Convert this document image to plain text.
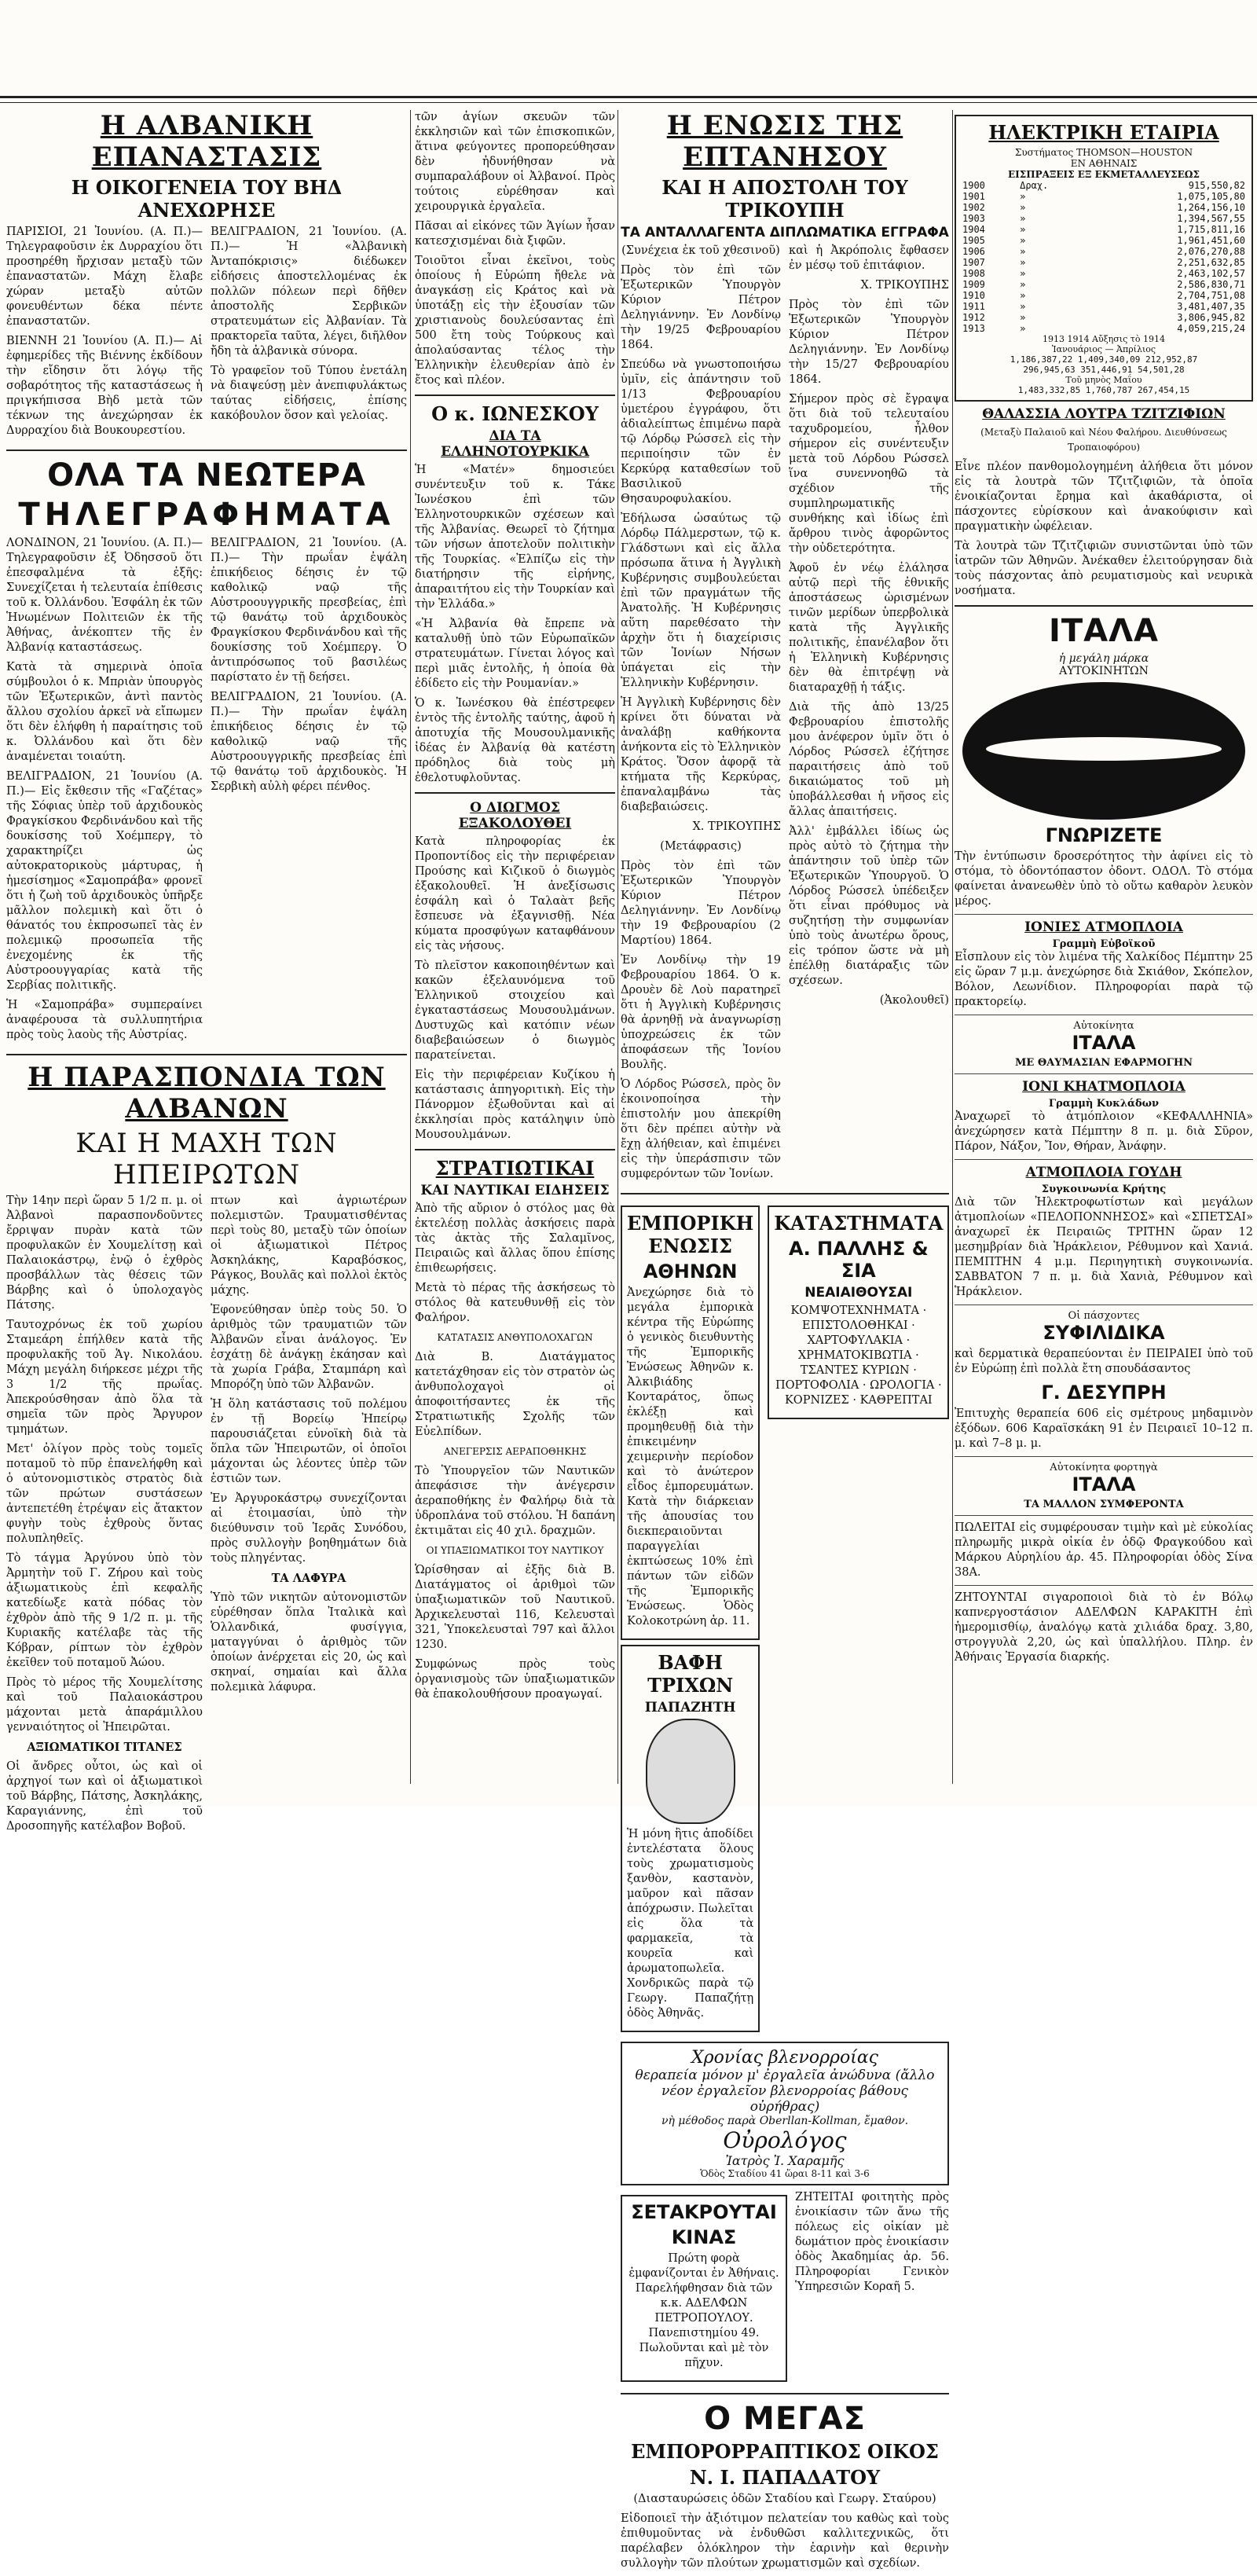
Η ΑΛΒΑΝΙΚΗ ΕΠΑΝΑΣΤΑΣΙΣ
Η ΟΙΚΟΓΕΝΕΙΑ ΤΟΥ ΒΗΔ ΑΝΕΧΩΡΗΣΕ

ΠΑΡΙΣΙΟΙ, 21 Ἰουνίου. (Α. Π.)— Τηλεγραφοῦσιν ἐκ Δυρραχίου ὅτι προσηρέθη ἤρχισαν μεταξὺ τῶν ἐπαναστατῶν. Μάχη ἔλαβε χώραν μεταξὺ αὐτῶν φονευθέντων δέκα πέντε ἐπαναστατῶν.

ΒΙΕΝΝΗ 21 Ἰουνίου (Α. Π.)— Αἱ ἐφημερίδες τῆς Βιέννης ἐκδίδουν τὴν εἴδησιν ὅτι λόγῳ τῆς σοβαρότητος τῆς καταστάσεως ἡ πριγκήπισσα Βὴδ μετὰ τῶν τέκνων της ἀνεχώρησαν ἐκ Δυρραχίου διὰ Βουκουρεστίου.

ΒΕΛΙΓΡΑΔΙΟΝ, 21 Ἰουνίου. (Α. Π.)— Ἡ «Ἀλβανικὴ Ἀνταπόκρισις» διέδωκεν εἰδήσεις ἀποστελλομένας ἐκ πολλῶν πόλεων περὶ δῆθεν ἀποστολῆς Σερβικῶν στρατευμάτων εἰς Ἀλβανίαν. Τὰ πρακτορεῖα ταῦτα, λέγει, διῆλθον ἤδη τὰ ἀλβανικὰ σύνορα.

Τὸ γραφεῖον τοῦ Τύπου ἐνετάλη νὰ διαψεύσῃ μὲν ἀνεπιφυλάκτως ταύτας εἰδήσεις, ἐπίσης κακόβουλον ὅσον καὶ γελοίας.

ΟΛΑ ΤΑ ΝΕΩΤΕΡΑ
ΤΗΛΕΓΡΑΦΗΜΑΤΑ

ΛΟΝΔΙΝΟΝ, 21 Ἰουνίου. (Α. Π.)— Τηλεγραφοῦσιν ἐξ Ὀδησσοῦ ὅτι ἐπεσφαλμένα τὰ ἐξῆς: Συνεχίζεται ἡ τελευταία ἐπίθεσις τοῦ κ. Ὀλλάνδου. Ἐσφάλη ἐκ τῶν Ἡνωμένων Πολιτειῶν ἐκ τῆς Ἀθήνας, ἀνέκοπτεν τῆς ἐν Ἀλβανίᾳ καταστάσεως.

Κατὰ τὰ σημερινὰ ὁποῖα σύμβουλοι ὁ κ. Μπριὰν ὑπουργὸς τῶν Ἐξωτερικῶν, ἀντὶ παντὸς ἄλλου σχολίου ἀρκεῖ νὰ εἴπωμεν ὅτι δὲν ἐλήφθη ἡ παραίτησις τοῦ κ. Ὀλλάνδου καὶ ὅτι δὲν ἀναμένεται τοιαύτη.

ΒΕΛΙΓΡΑΔΙΟΝ, 21 Ἰουνίου (Α. Π.)— Εἰς ἔκθεσιν τῆς «Γαζέτας» τῆς Σόφιας ὑπὲρ τοῦ ἀρχιδουκὸς Φραγκίσκου Φερδινάνδου καὶ τῆς δουκίσσης τοῦ Χοέμπεργ, τὸ χαρακτηρίζει ὡς αὐτοκρατορικοὺς μάρτυρας, ἡ ἡμεσίσημος «Σαμοπράβα» φρονεῖ ὅτι ἡ ζωὴ τοῦ ἀρχιδουκὸς ὑπῆρξε μᾶλλον πολεμικὴ καὶ ὅτι ὁ θάνατός του ἐκπροσωπεῖ τὰς ἐν πολεμικῷ προσωπεῖα τῆς ἐνεχομένης ἐκ τῆς Αὐστροουγγαρίας κατὰ τῆς Σερβίας πολιτικῆς.

Ἡ «Σαμοπράβα» συμπεραίνει ἀναφέρουσα τὰ συλλυπητήρια πρὸς τοὺς λαοὺς τῆς Αὐστρίας.

ΒΕΛΙΓΡΑΔΙΟΝ, 21 Ἰουνίου. (Α. Π.)— Τὴν πρωΐαν ἐψάλη ἐπικήδειος δέησις ἐν τῷ καθολικῷ ναῷ τῆς Αὐστροουγγρικῆς πρεσβείας, ἐπὶ τῷ θανάτῳ τοῦ ἀρχιδουκὸς Φραγκίσκου Φερδινάνδου καὶ τῆς δουκίσσης τοῦ Χοέμπεργ. Ὁ ἀντιπρόσωπος τοῦ βασιλέως παρίστατο ἐν τῇ δεήσει.

ΒΕΛΙΓΡΑΔΙΟΝ, 21 Ἰουνίου. (Α. Π.)— Τὴν πρωΐαν ἐψάλη ἐπικήδειος δέησις ἐν τῷ καθολικῷ ναῷ τῆς Αὐστροουγγρικῆς πρεσβείας ἐπὶ τῷ θανάτῳ τοῦ ἀρχιδουκὸς. Ἡ Σερβικὴ αὐλὴ φέρει πένθος.

Η ΠΑΡΑΣΠΟΝΔΙΑ ΤΩΝ ΑΛΒΑΝΩΝ
ΚΑΙ Η ΜΑΧΗ ΤΩΝ ΗΠΕΙΡΩΤΩΝ

Τὴν 14ην περὶ ὥραν 5 1/2 π. μ. οἱ Ἀλβανοὶ παρασπονδοῦντες ἔρριψαν πυρὰν κατὰ τῶν προφυλακῶν ἐν Χουμελίτσῃ καὶ Παλαιοκάστρῳ, ἐνῷ ὁ ἐχθρὸς προσβάλλων τὰς θέσεις τῶν Βάρβης καὶ ὁ ὑπολοχαγὸς Πάτσης.

Ταυτοχρόνως ἐκ τοῦ χωρίου Σταμεάρη ἐπήλθεν κατὰ τῆς προφυλακῆς τοῦ Ἁγ. Νικολάου. Μάχη μεγάλη διήρκεσε μέχρι τῆς 3 1/2 τῆς πρωΐας. Ἀπεκρούσθησαν ἀπὸ ὅλα τὰ σημεῖα τῶν πρὸς Ἄργυρον τμημάτων.

Μετ' ὀλίγον πρὸς τοὺς τομεῖς ποταμοῦ τὸ πῦρ ἐπανελήφθη καὶ ὁ αὐτονομιστικὸς στρατὸς διὰ τῶν πρώτων συστάσεων ἀντεπετέθη ἐτρέψαν εἰς ἄτακτον φυγὴν τοὺς ἐχθροὺς ὅντας πολυπληθεῖς.

Τὸ τάγμα Ἀργύνου ὑπὸ τὸν Ἀρμητὴν τοῦ Γ. Ζήρου καὶ τοὺς ἀξιωματικοὺς ἐπὶ κεφαλῆς κατεδίωξε κατὰ πόδας τὸν ἐχθρὸν ἀπὸ τῆς 9 1/2 π. μ. τῆς Κυριακῆς κατέλαβε τὰς τῆς Κόβραν, ρίπτων τὸν ἐχθρὸν ἐκεῖθεν τοῦ ποταμοῦ Ἀώου.

Πρὸς τὸ μέρος τῆς Χουμελίτσης καὶ τοῦ Παλαιοκάστρου μάχονται μετὰ ἀπαράμιλλου γενναιότητος οἱ Ἠπειρῶται.

ΑΞΙΩΜΑΤΙΚΟΙ ΤΙΤΑΝΕΣ

Οἱ ἄνδρες οὗτοι, ὡς καὶ οἱ ἀρχηγοί των καὶ οἱ ἀξιωματικοὶ τοῦ Βάρβης, Πάτσης, Ἀσκηλάκης, Καραγιάννης, ἐπὶ τοῦ Δροσοπηγῆς κατέλαβον Βοβοῦ.

πτων καὶ ἀγριωτέρων πολεμιστῶν. Τραυματισθέντας περὶ τοὺς 80, μεταξὺ τῶν ὁποίων οἱ ἀξιωματικοὶ Πέτρος Ἀσκηλάκης, Καραβόσκος, Ράγκος, Βουλᾶς καὶ πολλοὶ ἐκτὸς μάχης.

Ἐφονεύθησαν ὑπὲρ τοὺς 50. Ὁ ἀριθμὸς τῶν τραυματιῶν τῶν Ἀλβανῶν εἶναι ἀνάλογος. Ἐν ἐσχάτῃ δὲ ἀνάγκῃ ἐκάησαν καὶ τὰ χωρία Γράβα, Σταμπάρη καὶ Μπορόζη ὑπὸ τῶν Ἀλβανῶν.

Ἡ ὅλη κατάστασις τοῦ πολέμου ἐν τῇ Βορείῳ Ἠπείρῳ παρουσιάζεται εὐνοϊκὴ διὰ τὰ ὅπλα τῶν Ἠπειρωτῶν, οἱ ὁποῖοι μάχονται ὡς λέοντες ὑπὲρ τῶν ἑστιῶν των.

Ἐν Ἀργυροκάστρῳ συνεχίζονται αἱ ἑτοιμασίαι, ὑπὸ τὴν διεύθυνσιν τοῦ Ἱερᾶς Συνόδου, πρὸς συλλογὴν βοηθημάτων διὰ τοὺς πληγέντας.

ΤΑ ΛΑΦΥΡΑ

Ὑπὸ τῶν νικητῶν αὐτονομιστῶν εὑρέθησαν ὅπλα Ἰταλικὰ καὶ Ὁλλανδικά, φυσίγγια, ματαγγύναι ὁ ἀριθμὸς τῶν ὁποίων ἀνέρχεται εἰς 20, ὡς καὶ σκηναί, σημαίαι καὶ ἄλλα πολεμικὰ λάφυρα.

τῶν ἁγίων σκευῶν τῶν ἐκκλησιῶν καὶ τῶν ἐπισκοπικῶν, ἅτινα φεύγοντες προπορεύθησαν δὲν ἠδυνήθησαν νὰ συμπαραλάβουν οἱ Ἀλβανοί. Πρὸς τούτοις εὑρέθησαν καὶ χειρουργικὰ ἐργαλεῖα.

Πᾶσαι αἱ εἰκόνες τῶν Ἁγίων ἦσαν κατεσχισμέναι διὰ ξιφῶν.

Τοιοῦτοι εἶναι ἐκεῖνοι, τοὺς ὁποίους ἡ Εὐρώπη ἤθελε νὰ ἀναγκάσῃ εἰς Κράτος καὶ νὰ ὑποτάξῃ εἰς τὴν ἐξουσίαν τῶν χριστιανοὺς δουλεύσαντας ἐπὶ 500 ἔτη τοὺς Τούρκους καὶ ἀπολαύσαντας τέλος τὴν Ἑλληνικὴν ἐλευθερίαν ἀπὸ ἐν ἔτος καὶ πλέον.

Ο κ. ΙΩΝΕΣΚΟΥ
ΔΙΑ ΤΑ ΕΛΛΗΝΟΤΟΥΡΚΙΚΑ

Ἡ «Ματέν» δημοσιεύει συνέντευξιν τοῦ κ. Τάκε Ἰωνέσκου ἐπὶ τῶν Ἑλληνοτουρκικῶν σχέσεων καὶ τῆς Ἀλβανίας. Θεωρεῖ τὸ ζήτημα τῶν νήσων ἀποτελοῦν πολιτικὴν τῆς Τουρκίας. «Ἐλπίζω εἰς τὴν διατήρησιν τῆς εἰρήνης, ἀπαραιτήτου εἰς τὴν Τουρκίαν καὶ τὴν Ἑλλάδα.»

«Ἡ Ἀλβανία θὰ ἔπρεπε νὰ καταλυθῇ ὑπὸ τῶν Εὐρωπαϊκῶν στρατευμάτων. Γίνεται λόγος καὶ περὶ μιᾶς ἐντολῆς, ἡ ὁποία θὰ ἐδίδετο εἰς τὴν Ρουμανίαν.»

Ὁ κ. Ἰωνέσκου θὰ ἐπέστρεφεν ἐντὸς τῆς ἐντολῆς ταύτης, ἀφοῦ ἡ ἀποτυχία τῆς Μουσουλμανικῆς ἰδέας ἐν Ἀλβανίᾳ θὰ κατέστη πρόδηλος διὰ τοὺς μὴ ἐθελοτυφλοῦντας.

Ο ΔΙΩΓΜΟΣ ΕΞΑΚΟΛΟΥΘΕΙ

Κατὰ πληροφορίας ἐκ Προποντίδος εἰς τὴν περιφέρειαν Προύσης καὶ Κιζικοῦ ὁ διωγμὸς ἐξακολουθεῖ. Ἡ ἀνεξίσωσις ἐσφάλη καὶ ὁ Ταλαὰτ βεῆς ἔσπευσε νὰ ἐξαγνισθῇ. Νέα κύματα προσφύγων καταφθάνουν εἰς τὰς νήσους.

Τὸ πλεῖστον κακοποιηθέντων καὶ κακῶν ἐξελαυνόμενα τοῦ Ἑλληνικοῦ στοιχείου καὶ ἐγκαταστάσεως Μουσουλμάνων. Δυστυχῶς καὶ κατόπιν νέων διαβεβαιώσεων ὁ διωγμὸς παρατείνεται.

Εἰς τὴν περιφέρειαν Κυζίκου ἡ κατάστασις ἀπηγοριτικὴ. Εἰς τὴν Πάνορμον ἐξωθοῦνται καὶ αἱ ἐκκλησίαι πρὸς κατάληψιν ὑπὸ Μουσουλμάνων.

ΣΤΡΑΤΙΩΤΙΚΑΙ
ΚΑΙ ΝΑΥΤΙΚΑΙ ΕΙΔΗΣΕΙΣ

Ἀπὸ τῆς αὔριον ὁ στόλος μας θὰ ἐκτελέσῃ πολλὰς ἀσκήσεις παρὰ τὰς ἀκτὰς τῆς Σαλαμῖνος, Πειραιῶς καὶ ἄλλας ὅπου ἐπίσης ἐπιθεωρήσεις.

Μετὰ τὸ πέρας τῆς ἀσκήσεως τὸ στόλος θὰ κατευθυνθῇ εἰς τὸν Φαλήρον.

ΚΑΤΑΤΑΣΙΣ ΑΝΘΥΠΟΛΟΧΑΓΩΝ

Διὰ Β. Διατάγματος κατετάχθησαν εἰς τὸν στρατὸν ὡς ἀνθυπολοχαγοὶ οἱ ἀποφοιτήσαντες ἐκ τῆς Στρατιωτικῆς Σχολῆς τῶν Εὐελπίδων.

ΑΝΕΓΕΡΣΙΣ ΑΕΡΑΠΟΘΗΚΗΣ

Τὸ Ὑπουργεῖον τῶν Ναυτικῶν ἀπεφάσισε τὴν ἀνέγερσιν ἀεραποθήκης ἐν Φαλήρῳ διὰ τὰ ὑδροπλάνα τοῦ στόλου. Ἡ δαπάνη ἐκτιμᾶται εἰς 40 χιλ. δραχμῶν.

ΟΙ ΥΠΑΞΙΩΜΑΤΙΚΟΙ ΤΟΥ ΝΑΥΤΙΚΟΥ

Ὡρίσθησαν αἱ ἐξῆς διὰ Β. Διατάγματος οἱ ἀριθμοὶ τῶν ὑπαξιωματικῶν τοῦ Ναυτικοῦ. Ἀρχικελευσταὶ 116, Κελευσταὶ 321, Ὑποκελευσταὶ 797 καὶ ἄλλοι 1230.

Συμφώνως πρὸς τοὺς ὀργανισμοὺς τῶν ὑπαξιωματικῶν θὰ ἐπακολουθήσουν προαγωγαί.

Η ΕΝΩΣΙΣ ΤΗΣ ΕΠΤΑΝΗΣΟΥ
ΚΑΙ Η ΑΠΟΣΤΟΛΗ ΤΟΥ ΤΡΙΚΟΥΠΗ
ΤΑ ΑΝΤΑΛΛΑΓΕΝΤΑ ΔΙΠΛΩΜΑΤΙΚΑ ΕΓΓΡΑΦΑ

(Συνέχεια ἐκ τοῦ χθεσινοῦ)

Πρὸς τὸν ἐπὶ τῶν Ἐξωτερικῶν Ὑπουργὸν Κύριον Πέτρον Δεληγιάννην. Ἐν Λονδίνῳ τὴν 19/25 Φεβρουαρίου 1864.

Σπεύδω νὰ γνωστοποιήσω ὑμῖν, εἰς ἀπάντησιν τοῦ 1/13 Φεβρουαρίου ὑμετέρου ἐγγράφου, ὅτι ἀδιαλείπτως ἐπιμένω παρὰ τῷ Λόρδῳ Ρώσσελ εἰς τὴν περιποίησιν τῶν ἐν Κερκύρᾳ καταθεσίων τοῦ Βασιλικοῦ Θησαυροφυλακίου.

Ἐδήλωσα ὡσαύτως τῷ Λόρδῳ Πάλμερστων, τῷ κ. Γλάδστωνι καὶ εἰς ἄλλα πρόσωπα ἅτινα ἡ Ἀγγλικὴ Κυβέρνησις συμβουλεύεται ἐπὶ τῶν πραγμάτων τῆς Ἀνατολῆς. Ἡ Κυβέρνησις αὕτη παρεθέσατο τὴν ἀρχὴν ὅτι ἡ διαχείρισις τῶν Ἰονίων Νήσων ὑπάγεται εἰς τὴν Ἑλληνικὴν Κυβέρνησιν.

Ἡ Ἀγγλικὴ Κυβέρνησις δὲν κρίνει ὅτι δύναται νὰ ἀναλάβῃ καθήκοντα ἀνήκοντα εἰς τὸ Ἑλληνικὸν Κράτος. Ὅσον ἀφορᾷ τὰ κτήματα τῆς Κερκύρας, ἐπαναλαμβάνω τὰς διαβεβαιώσεις.

Χ. ΤΡΙΚΟΥΠΗΣ

(Μετάφρασις)

Πρὸς τὸν ἐπὶ τῶν Ἐξωτερικῶν Ὑπουργὸν Κύριον Πέτρον Δεληγιάννην. Ἐν Λονδίνῳ τὴν 19 Φεβρουαρίου (2 Μαρτίου) 1864.

Ἐν Λονδίνῳ τὴν 19 Φεβρουαρίου 1864. Ὁ κ. Δρουὲν δὲ Λοὺ παρατηρεῖ ὅτι ἡ Ἀγγλικὴ Κυβέρνησις θὰ ἀρνηθῇ νὰ ἀναγνωρίσῃ ὑποχρεώσεις ἐκ τῶν ἀποφάσεων τῆς Ἰονίου Βουλῆς.

Ὁ Λόρδος Ρώσσελ, πρὸς ὃν ἐκοινοποίησα τὴν ἐπιστολήν μου ἀπεκρίθη ὅτι δὲν πρέπει αὐτὴν νὰ ἔχῃ ἀλήθειαν, καὶ ἐπιμένει εἰς τὴν ὑπεράσπισιν τῶν συμφερόντων τῶν Ἰονίων.

καὶ ἡ Ἀκρόπολις ἔφθασεν ἐν μέσῳ τοῦ ἐπιτάφιον.

Χ. ΤΡΙΚΟΥΠΗΣ

Πρὸς τὸν ἐπὶ τῶν Ἐξωτερικῶν Ὑπουργὸν Κύριον Πέτρον Δεληγιάννην. Ἐν Λονδίνῳ τὴν 15/27 Φεβρουαρίου 1864.

Σήμερον πρὸς σὲ ἔγραψα ὅτι διὰ τοῦ τελευταίου ταχυδρομείου, ἦλθον σήμερον εἰς συνέντευξιν μετὰ τοῦ Λόρδου Ρώσσελ ἵνα συνεννοηθῶ τὰ σχέδιον τῆς συμπληρωματικῆς συνθήκης καὶ ἰδίως ἐπὶ ἄρθρου τινὸς ἀφορῶντος τὴν οὐδετερότητα.

Ἀφοῦ ἐν νέῳ ἐλάλησα αὐτῷ περὶ τῆς ἐθνικῆς ἀποστάσεως ὡρισμένων τινῶν μερίδων ὑπερβολικὰ κατὰ τῆς Ἀγγλικῆς πολιτικῆς, ἐπανέλαβον ὅτι ἡ Ἑλληνικὴ Κυβέρνησις δὲν θὰ ἐπιτρέψῃ νὰ διαταραχθῇ ἡ τάξις.

Διὰ τῆς ἀπὸ 13/25 Φεβρουαρίου ἐπιστολῆς μου ἀνέφερον ὑμῖν ὅτι ὁ Λόρδος Ρώσσελ ἐζήτησε παραιτήσεις ἀπὸ τοῦ δικαιώματος τοῦ μὴ ὑποβάλλεσθαι ἡ νῆσος εἰς ἄλλας ἀπαιτήσεις.

Ἀλλ' ἐμβάλλει ἰδίως ὡς πρὸς αὐτὸ τὸ ζήτημα τὴν ἀπάντησιν τοῦ ὑπὲρ τῶν Ἐξωτερικῶν Ὑπουργοῦ. Ὁ Λόρδος Ρώσσελ ὑπέδειξεν ὅτι εἶναι πρόθυμος νὰ συζητήσῃ τὴν συμφωνίαν ὑπὸ τοὺς ἀνωτέρω ὅρους, εἰς τρόπον ὥστε νὰ μὴ ἐπέλθῃ διατάραξις τῶν σχέσεων.

(Ἀκολουθεῖ)

ΕΜΠΟΡΙΚΗ ΕΝΩΣΙΣ
ΑΘΗΝΩΝ

Ἀνεχώρησε διὰ τὸ μεγάλα ἐμπορικὰ κέντρα τῆς Εὐρώπης ὁ γενικὸς διευθυντὴς τῆς Ἐμπορικῆς Ἑνώσεως Ἀθηνῶν κ. Ἀλκιβιάδης Κονταράτος, ὅπως ἐκλέξῃ καὶ προμηθευθῇ διὰ τὴν ἐπικειμένην χειμερινὴν περίοδον καὶ τὸ ἀνώτερον εἶδος ἐμπορευμάτων. Κατὰ τὴν διάρκειαν τῆς ἀπουσίας του διεκπεραιοῦνται παραγγελίαι ἐκπτώσεως 10% ἐπὶ πάντων τῶν εἰδῶν τῆς Ἐμπορικῆς Ἑνώσεως. Ὁδὸς Κολοκοτρώνη ἀρ. 11.

ΒΑΦΗ ΤΡΙΧΩΝ
ΠΑΠΑΖΗΤΗ

Ἡ μόνη ἣτις ἀποδίδει ἐντελέστατα ὅλους τοὺς χρωματισμοὺς ξανθὸν, καστανὸν, μαῦρον καὶ πᾶσαν ἀπόχρωσιν. Πωλεῖται εἰς ὅλα τὰ φαρμακεῖα, τὰ κουρεῖα καὶ ἀρωματοπωλεῖα. Χονδρικῶς παρὰ τῷ Γεωργ. Παπαζήτῃ ὁδὸς Ἀθηνᾶς.

ΚΑΤΑΣΤΗΜΑΤΑ
Α. ΠΑΛΛΗΣ & ΣΙΑ
ΝΕΑΙΑΙΘΟΥΣΑΙ

ΚΟΜΨΟΤΕΧΝΗΜΑΤΑ · ΕΠΙΣΤΟΛΟΘΗΚΑΙ · ΧΑΡΤΟΦΥΛΑΚΙΑ · ΧΡΗΜΑΤΟΚΙΒΩΤΙΑ · ΤΣΑΝΤΕΣ ΚΥΡΙΩΝ · ΠΟΡΤΟΦΟΛΙΑ · ΩΡΟΛΟΓΙΑ · ΚΟΡΝΙΖΕΣ · ΚΑΘΡΕΠΤΑΙ

Χρονίας βλενορροίας
θεραπεία μόνον μ' ἐργαλεῖα ἀνώδυνα (ἄλλο νέον ἐργαλεῖον βλενορροίας βάθους οὐρήθρας)
νὴ μέθοδος παρὰ Oberllan-Kollman, ἔμαθον.
Οὐρολόγος
Ἰατρὸς Ἰ. Χαραμῆς
Ὁδὸς Σταδίου 41 ὥραι 8-11 καὶ 3-6
ΣΕΤΑΚΡΟΥΤΑΙ
ΚΙΝΑΣ

Πρώτη φορὰ ἐμφανίζονται ἐν Ἀθήναις. Παρελήφθησαν διὰ τῶν κ.κ. ΑΔΕΛΦΩΝ ΠΕΤΡΟΠΟΥΛΟΥ. Πανεπιστημίου 49. Πωλοῦνται καὶ μὲ τὸν πῆχυν.

ΖΗΤΕΙΤΑΙ φοιτητὴς πρὸς ἐνοικίασιν τῶν ἄνω τῆς πόλεως εἰς οἰκίαν μὲ δωμάτιον πρὸς ἐνοικίασιν ὁδὸς Ἀκαδημίας ἀρ. 56. Πληροφορίαι Γενικὸν Ὑπηρεσιῶν Κοραῆ 5.

Ο ΜΕΓΑΣ
ΕΜΠΟΡΟΡΡΑΠΤΙΚΟΣ ΟΙΚΟΣ
Ν. Ι. ΠΑΠΑΔΑΤΟΥ

(Διασταυρώσεις ὁδῶν Σταδίου καὶ Γεωργ. Σταύρου)

Εἰδοποιεῖ τὴν ἀξιότιμον πελατείαν του καθὼς καὶ τοὺς ἐπιθυμοῦντας νὰ ἐνδυθῶσι καλλιτεχνικῶς, ὅτι παρέλαβεν ὁλόκληρον τὴν ἐαρινὴν καὶ θερινὴν συλλογὴν τῶν πλούτων χρωματισμῶν καὶ σχεδίων.

ΗΛΕΚΤΡΙΚΗ ΕΤΑΙΡΙΑ
Συστήματος THOMSON—HOUSTON
ΕΝ ΑΘΗΝΑΙΣ
ΕΙΣΠΡΑΞΕΙΣ ΕΞ ΕΚΜΕΤΑΛΛΕΥΣΕΩΣ
1900	Δραχ.	915,550,82
1901	»	1,075,105,80
1902	»	1,264,156,10
1903	»	1,394,567,55
1904	»	1,715,811,16
1905	»	1,961,451,60
1906	»	2,076,270,88
1907	»	2,251,632,85
1908	»	2,463,102,57
1909	»	2,586,830,71
1910	»	2,704,751,08
1911	»	3,481,407,35
1912	»	3,806,945,82
1913	»	4,059,215,24
1913 1914 Αὔξησις τὸ 1914
Ἰανουάριος — Ἀπρίλιος
1,186,387,22 1,409,340,09 212,952,87
296,945,63 351,446,91 54,501,28
Τοῦ μηνὸς Μαΐου
1,483,332,85 1,760,787 267,454,15
ΘΑΛΑΣΣΙΑ ΛΟΥΤΡΑ ΤΖΙΤΖΙΦΙΩΝ

(Μεταξὺ Παλαιοῦ καὶ Νέου Φαλήρου. Διευθύνσεως Τροπαιοφόρου)

Εἶνε πλέον πανθομολογημένη ἀλήθεια ὅτι μόνον εἰς τὰ λουτρὰ τῶν Τζιτζιφιῶν, τὰ ὁποῖα ἐνοικίαζονται ἔρημα καὶ ἀκαθάριστα, οἱ πάσχοντες εὑρίσκουν καὶ ἀνακούφισιν καὶ πραγματικὴν ὠφέλειαν.

Τὰ λουτρὰ τῶν Τζιτζιφιῶν συνιστῶνται ὑπὸ τῶν ἰατρῶν τῶν Ἀθηνῶν. Ἀνέκαθεν ἐλειτούργησαν διὰ τοὺς πάσχοντας ἀπὸ ρευματισμοὺς καὶ νευρικὰ νοσήματα.

ΙΤΑΛΑ
ἡ μεγάλη μάρκα
ΑΥΤΟΚΙΝΗΤΩΝ
ΓΝΩΡΙΖΕΤΕ

Τὴν ἐντύπωσιν δροσερότητος τὴν ἀφίνει εἰς τὸ στόμα, τὸ ὀδοντόπαστον ὀδοντ. ΟΔΟΛ. Τὸ στόμα φαίνεται ἀνανεωθὲν ὑπὸ τὸ οὕτω καθαρὸν λευκὸν μέρος.

ΙΟΝΙΕΣ ΑΤΜΟΠΛΟΙΑ
Γραμμὴ Εὐβοϊκοῦ

Εἶσπλουν εἰς τὸν λιμένα τῆς Χαλκίδος Πέμπτην 25 εἰς ὥραν 7 μ.μ. ἀνεχώρησε διὰ Σκιάθον, Σκόπελον, Βόλον, Λεωνίδιον. Πληροφορίαι παρὰ τῷ πρακτορείῳ.

Αὐτοκίνητα
ΙΤΑΛΑ
ΜΕ ΘΑΥΜΑΣΙΑΝ ΕΦΑΡΜΟΓΗΝ
ΙΟΝΙ ΚΗΑΤΜΟΠΛΟΙΑ
Γραμμὴ Κυκλάδων

Ἀναχωρεῖ τὸ ἀτμόπλοιον «ΚΕΦΑΛΛΗΝΙΑ» ἀνεχώρησεν κατὰ Πέμπτην 8 π. μ. διὰ Σῦρον, Πάρον, Νάξον, Ἴον, Θήραν, Ἀνάφην.

ΑΤΜΟΠΛΟΙΑ ΓΟΥΔΗ
Συγκοινωνία Κρήτης

Διὰ τῶν Ἠλεκτροφωτίστων καὶ μεγάλων ἀτμοπλοίων «ΠΕΛΟΠΟΝΝΗΣΟΣ» καὶ «ΣΠΕΤΣΑΙ» ἀναχωρεῖ ἐκ Πειραιῶς ΤΡΙΤΗΝ ὥραν 12 μεσημβρίαν διὰ Ἡράκλειον, Ρέθυμνον καὶ Χανιά. ΠΕΜΠΤΗΝ 4 μ.μ. Περιηγητικὴ συγκοινωνία. ΣΑΒΒΑΤΟΝ 7 π. μ. διὰ Χανιὰ, Ρέθυμνον καὶ Ἡράκλειον.

Οἱ πάσχοντες
ΣΥΦΙΛΙΔΙΚΑ

καὶ δερματικὰ θεραπεύονται ἐν ΠΕΙΡΑΙΕΙ ὑπὸ τοῦ ἐν Εὐρώπῃ ἐπὶ πολλὰ ἔτη σπουδάσαντος

Γ. ΔΕΣΥΠΡΗ

Ἐπιτυχὴς θεραπεία 606 εἰς σμέτρους μηδαμινὸν ἐξόδων. 606 Καραϊσκάκη 91 ἐν Πειραιεῖ 10–12 π. μ. καὶ 7–8 μ. μ.

Αὐτοκίνητα φορτηγὰ
ΙΤΑΛΑ
ΤΑ ΜΑΛΛΟΝ ΣΥΜΦΕΡΟΝΤΑ

ΠΩΛΕΙΤΑΙ εἰς συμφέρουσαν τιμὴν καὶ μὲ εὐκολίας πληρωμῆς μικρὰ οἰκία ἐν ὁδῷ Φραγκούδου καὶ Μάρκου Αὐρηλίου ἀρ. 45. Πληροφορίαι ὁδὸς Σίνα 38Α.

ΖΗΤΟΥΝΤΑΙ σιγαροποιοὶ διὰ τὸ ἐν Βόλῳ καπνεργοστάσιον ΑΔΕΛΦΩΝ ΚΑΡΑΚΙΤΗ ἐπὶ ἡμερομισθίῳ, ἀναλόγῳ κατὰ χιλιάδα δραχ. 3,80, στρογγυλὰ 2,20, ὡς καὶ ὑπαλλήλου. Πληρ. ἐν Ἀθήναις Ἐργασία διαρκής.
